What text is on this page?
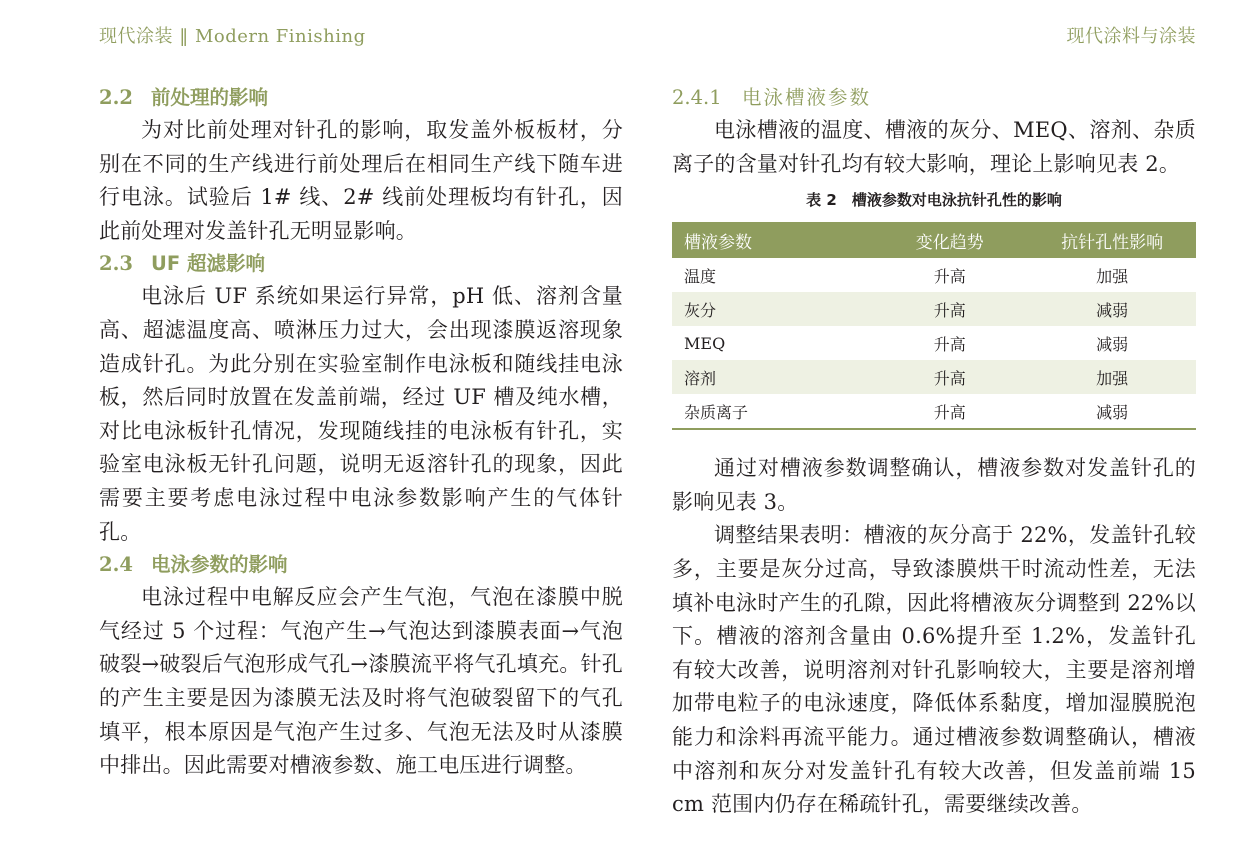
现代涂装 ‖ Modern Finishing	现代涂料与涂装
2.2 前处理的影响

为对比前处理对针孔的影响，取发盖外板板材，分别在不同的生产线进行前处理后在相同生产线下随车进行电泳。试验后 1# 线、2# 线前处理板均有针孔，因此前处理对发盖针孔无明显影响。

2.3 UF 超滤影响

电泳后 UF 系统如果运行异常，pH 低、溶剂含量高、超滤温度高、喷淋压力过大，会出现漆膜返溶现象造成针孔。为此分别在实验室制作电泳板和随线挂电泳板，然后同时放置在发盖前端，经过 UF 槽及纯水槽，对比电泳板针孔情况，发现随线挂的电泳板有针孔，实验室电泳板无针孔问题，说明无返溶针孔的现象，因此需要主要考虑电泳过程中电泳参数影响产生的气体针孔。

2.4 电泳参数的影响

电泳过程中电解反应会产生气泡，气泡在漆膜中脱气经过 5 个过程：气泡产生→气泡达到漆膜表面→气泡破裂→破裂后气泡形成气孔→漆膜流平将气孔填充。针孔的产生主要是因为漆膜无法及时将气泡破裂留下的气孔填平，根本原因是气泡产生过多、气泡无法及时从漆膜中排出。因此需要对槽液参数、施工电压进行调整。

2.4.1 电泳槽液参数

电泳槽液的温度、槽液的灰分、MEQ、溶剂、杂质离子的含量对针孔均有较大影响，理论上影响见表 2。

表 2　槽液参数对电泳抗针孔性的影响
槽液参数	变化趋势	抗针孔性影响
温度	升高	加强
灰分	升高	减弱
MEQ	升高	减弱
溶剂	升高	加强
杂质离子	升高	减弱

通过对槽液参数调整确认，槽液参数对发盖针孔的影响见表 3。

调整结果表明：槽液的灰分高于 22%，发盖针孔较多，主要是灰分过高，导致漆膜烘干时流动性差，无法填补电泳时产生的孔隙，因此将槽液灰分调整到 22%以下。槽液的溶剂含量由 0.6%提升至 1.2%，发盖针孔有较大改善，说明溶剂对针孔影响较大，主要是溶剂增加带电粒子的电泳速度，降低体系黏度，增加湿膜脱泡能力和涂料再流平能力。通过槽液参数调整确认，槽液中溶剂和灰分对发盖针孔有较大改善，但发盖前端 15 cm 范围内仍存在稀疏针孔，需要继续改善。
